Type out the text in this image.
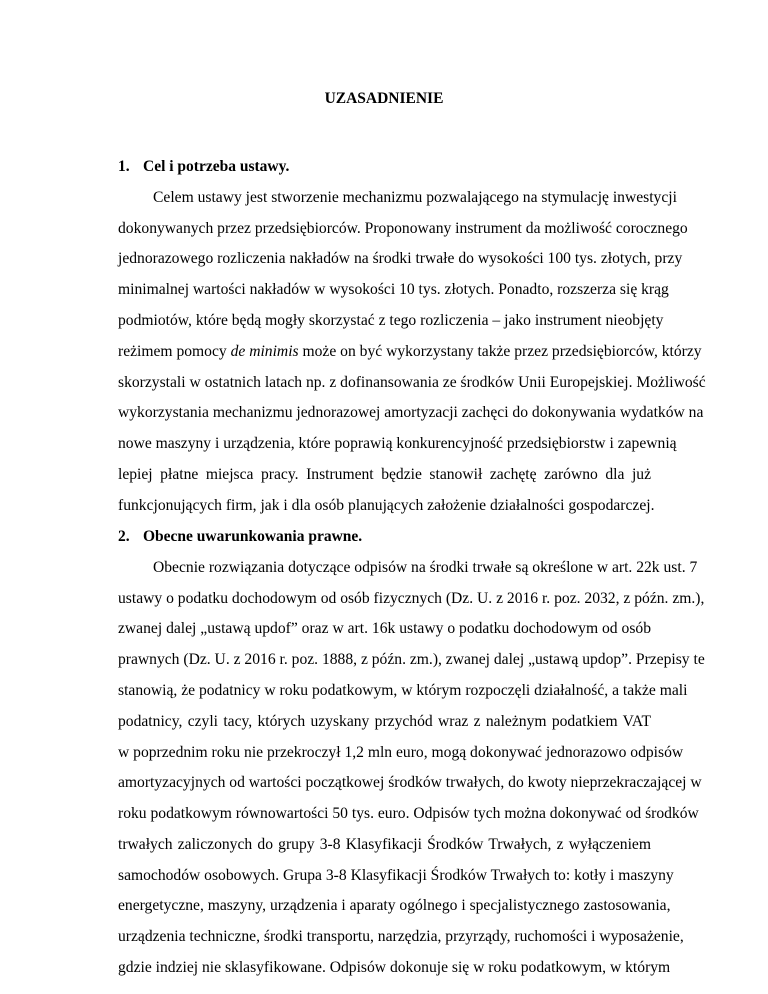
UZASADNIENIE
1. Cel i potrzeba ustawy.
Celem ustawy jest stworzenie mechanizmu pozwalającego na stymulację inwestycji
dokonywanych przez przedsiębiorców. Proponowany instrument da możliwość corocznego
jednorazowego rozliczenia nakładów na środki trwałe do wysokości 100 tys. złotych, przy
minimalnej wartości nakładów w wysokości 10 tys. złotych. Ponadto, rozszerza się krąg
podmiotów, które będą mogły skorzystać z tego rozliczenia – jako instrument nieobjęty
reżimem pomocy de minimis może on być wykorzystany także przez przedsiębiorców, którzy
skorzystali w ostatnich latach np. z dofinansowania ze środków Unii Europejskiej. Możliwość
wykorzystania mechanizmu jednorazowej amortyzacji zachęci do dokonywania wydatków na
nowe maszyny i urządzenia, które poprawią konkurencyjność przedsiębiorstw i zapewnią
lepiej płatne miejsca pracy. Instrument będzie stanowił zachętę zarówno dla już
funkcjonujących firm, jak i dla osób planujących założenie działalności gospodarczej.
2. Obecne uwarunkowania prawne.
Obecnie rozwiązania dotyczące odpisów na środki trwałe są określone w art. 22k ust. 7
ustawy o podatku dochodowym od osób fizycznych (Dz. U. z 2016 r. poz. 2032, z późn. zm.),
zwanej dalej „ustawą updof” oraz w art. 16k ustawy o podatku dochodowym od osób
prawnych (Dz. U. z 2016 r. poz. 1888, z późn. zm.), zwanej dalej „ustawą updop”. Przepisy te
stanowią, że podatnicy w roku podatkowym, w którym rozpoczęli działalność, a także mali
podatnicy, czyli tacy, których uzyskany przychód wraz z należnym podatkiem VAT
w poprzednim roku nie przekroczył 1,2 mln euro, mogą dokonywać jednorazowo odpisów
amortyzacyjnych od wartości początkowej środków trwałych, do kwoty nieprzekraczającej w
roku podatkowym równowartości 50 tys. euro. Odpisów tych można dokonywać od środków
trwałych zaliczonych do grupy 3-8 Klasyfikacji Środków Trwałych, z wyłączeniem
samochodów osobowych. Grupa 3-8 Klasyfikacji Środków Trwałych to: kotły i maszyny
energetyczne, maszyny, urządzenia i aparaty ogólnego i specjalistycznego zastosowania,
urządzenia techniczne, środki transportu, narzędzia, przyrządy, ruchomości i wyposażenie,
gdzie indziej nie sklasyfikowane. Odpisów dokonuje się w roku podatkowym, w którym
